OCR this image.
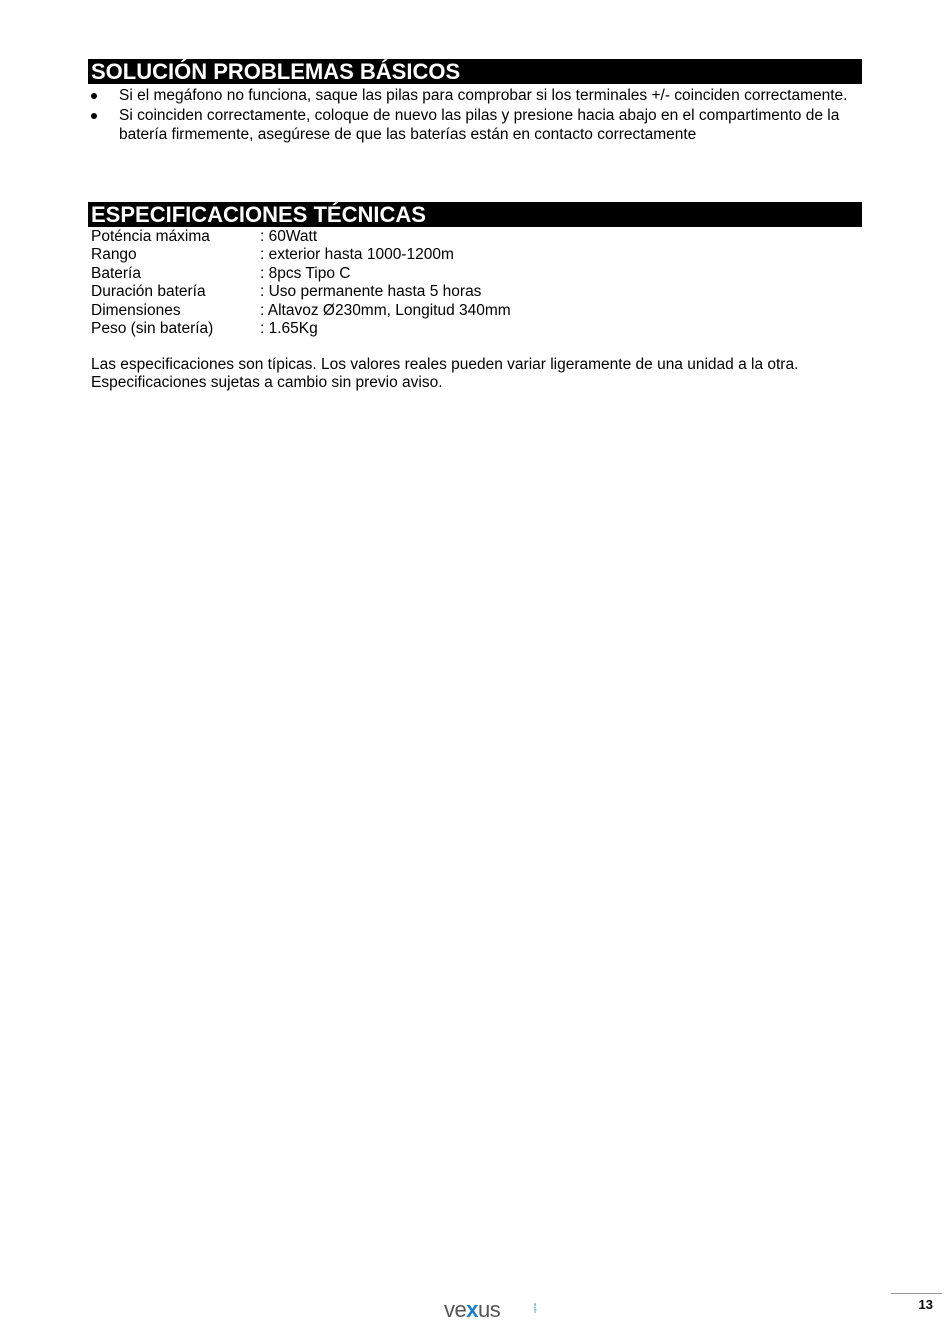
SOLUCIÓN PROBLEMAS BÁSICOS
Si el megáfono no funciona, saque las pilas para comprobar si los terminales +/- coinciden correctamente.
Si coinciden correctamente, coloque de nuevo las pilas y presione hacia abajo en el compartimento de la batería firmemente, asegúrese de que las baterías están en contacto correctamente
ESPECIFICACIONES TÉCNICAS
Poténcia máxima	: 60Watt
Rango	: exterior hasta 1000-1200m
Batería	: 8pcs Tipo C
Duración batería	: Uso permanente hasta 5 horas
Dimensiones	: Altavoz Ø230mm, Longitud 340mm
Peso (sin batería)	: 1.65Kg

Las especificaciones son típicas. Los valores reales pueden variar ligeramente de una unidad a la otra.

Especificaciones sujetas a cambio sin previo aviso.

vexus	audio	13
